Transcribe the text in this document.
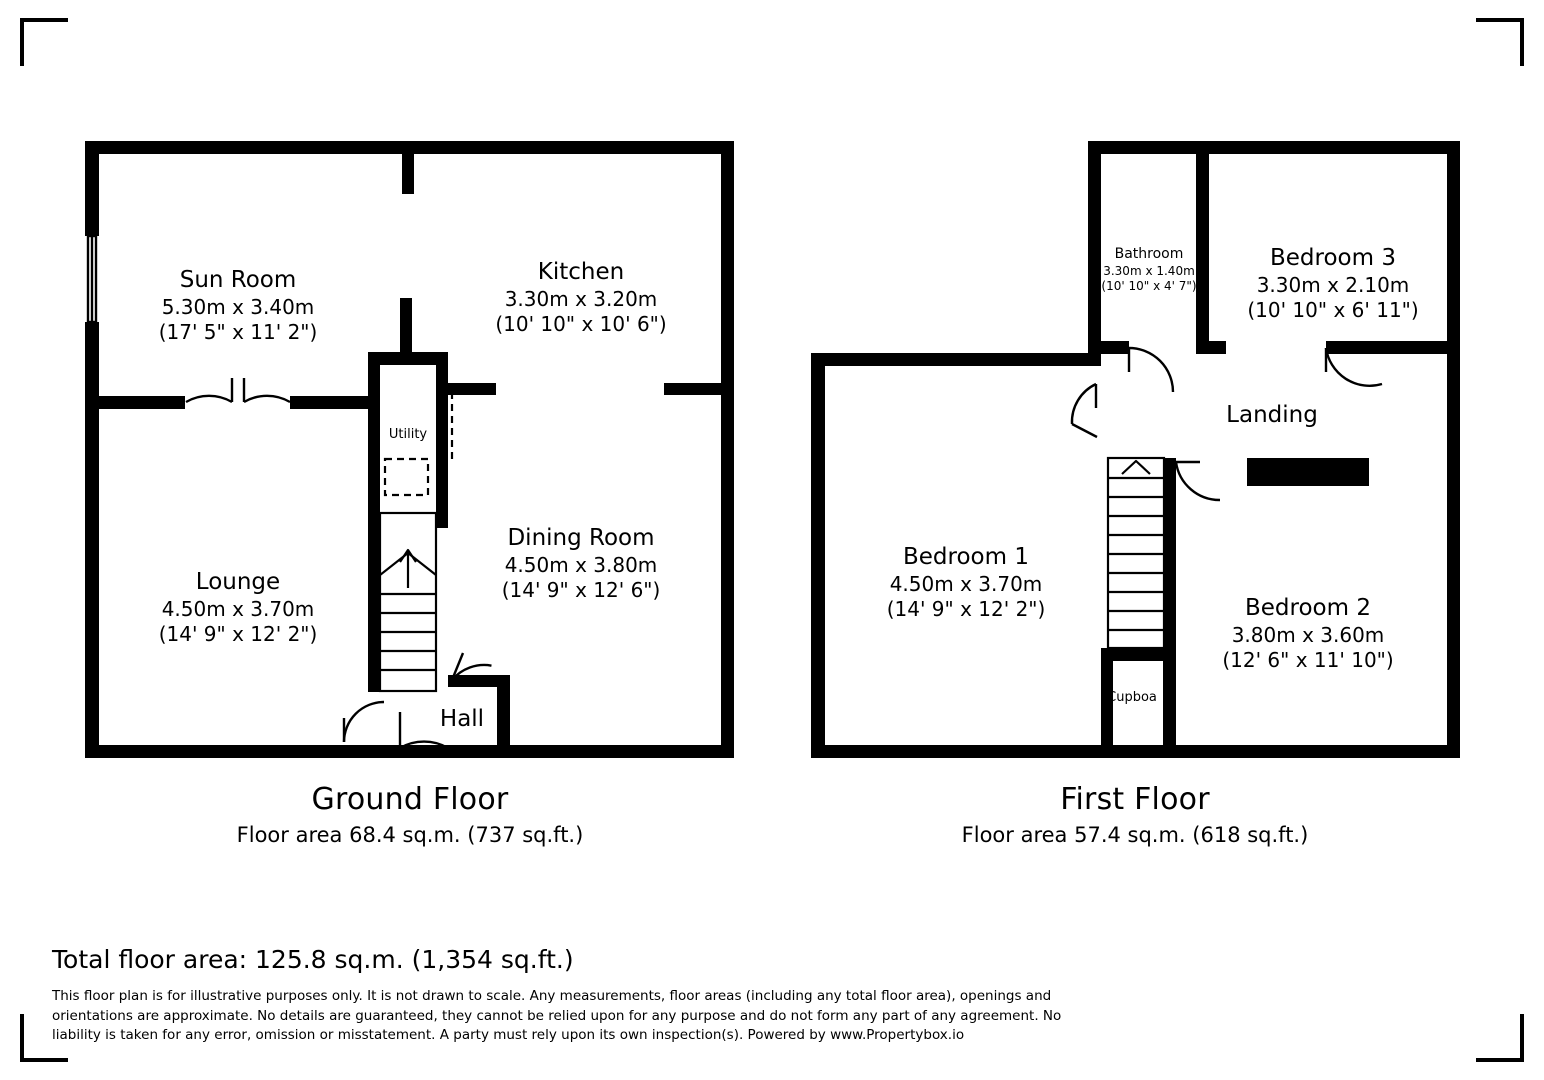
Sun Room
5.30m x 3.40m
(17' 5" x 11' 2")
Kitchen
3.30m x 3.20m
(10' 10" x 10' 6")
Lounge
4.50m x 3.70m
(14' 9" x 12' 2")
Dining Room
4.50m x 3.80m
(14' 9" x 12' 6")
Utility
Hall
Ground Floor
Floor area 68.4 sq.m. (737 sq.ft.)
Bathroom
3.30m x 1.40m
(10' 10" x 4' 7")
Bedroom 3
3.30m x 2.10m
(10' 10" x 6' 11")
Landing
Bedroom 1
4.50m x 3.70m
(14' 9" x 12' 2")	Bedroom 2
3.80m x 3.60m
(12' 6" x 11' 10")
Cupboa
First Floor
Floor area 57.4 sq.m. (618 sq.ft.)
Total floor area: 125.8 sq.m. (1,354 sq.ft.)
This floor plan is for illustrative purposes only. It is not drawn to scale. Any measurements, floor areas (including any total floor area), openings and orientations are approximate. No details are guaranteed, they cannot be relied upon for any purpose and do not form any part of any agreement. No liability is taken for any error, omission or misstatement. A party must rely upon its own inspection(s). Powered by www.Propertybox.io
